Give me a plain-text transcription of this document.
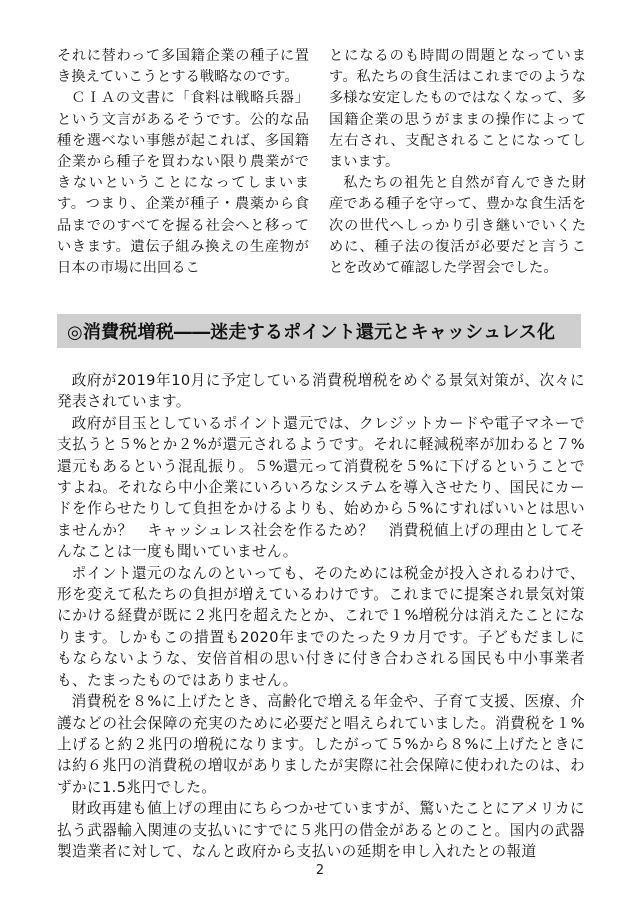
それに替わって多国籍企業の種子に置き換えていこうとする戦略なのです。

ＣＩＡの文書に「食料は戦略兵器」という文言があるそうです。公的な品種を選べない事態が起これば、多国籍企業から種子を買わない限り農業ができないということになってしまいます。つまり、企業が種子・農薬から食品までのすべてを握る社会へと移っていきます。遺伝子組み換えの生産物が日本の市場に出回るこ

とになるのも時間の問題となっています。私たちの食生活はこれまでのような多様な安定したものではなくなって、多国籍企業の思うがままの操作によって左右され、支配されることになってしまいます。

私たちの祖先と自然が育んできた財産である種子を守って、豊かな食生活を次の世代へしっかり引き継いでいくために、種子法の復活が必要だと言うことを改めて確認した学習会でした。

◎消費税増税――迷走するポイント還元とキャッシュレス化

政府が2019年10月に予定している消費税増税をめぐる景気対策が、次々に発表されています。

政府が目玉としているポイント還元では、クレジットカードや電子マネーで支払うと５%とか２%が還元されるようです。それに軽減税率が加わると７%還元もあるという混乱振り。５%還元って消費税を５%に下げるということですよね。それなら中小企業にいろいろなシステムを導入させたり、国民にカードを作らせたりして負担をかけるよりも、始めから５%にすればいいとは思いませんか？　キャッシュレス社会を作るため？　消費税値上げの理由としてそんなことは一度も聞いていません。

ポイント還元のなんのといっても、そのためには税金が投入されるわけで、形を変えて私たちの負担が増えているわけです。これまでに提案され景気対策にかける経費が既に２兆円を超えたとか、これで１%増税分は消えたことになります。しかもこの措置も2020年までのたった９カ月です。子どもだましにもならないような、安倍首相の思い付きに付き合わされる国民も中小事業者も、たまったものではありません。

消費税を８%に上げたとき、高齢化で増える年金や、子育て支援、医療、介護などの社会保障の充実のために必要だと唱えられていました。消費税を１%上げると約２兆円の増税になります。したがって５%から８%に上げたときには約６兆円の消費税の増収がありましたが実際に社会保障に使われたのは、わずかに1.5兆円でした。

財政再建も値上げの理由にちらつかせていますが、驚いたことにアメリカに払う武器輸入関連の支払いにすでに５兆円の借金があるとのこと。国内の武器製造業者に対して、なんと政府から支払いの延期を申し入れたとの報道

2
